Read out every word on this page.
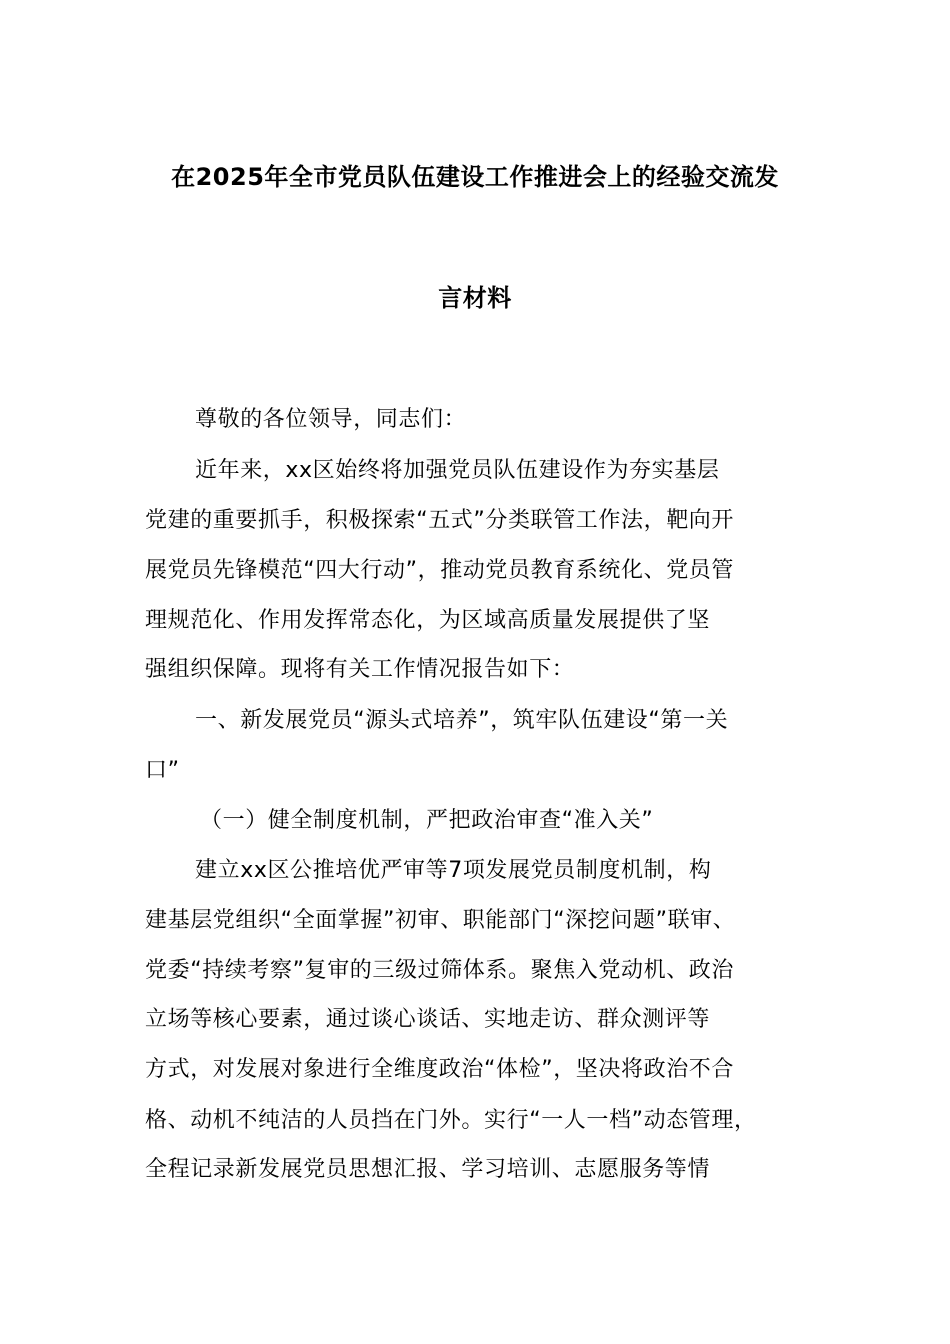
在2025年全市党员队伍建设工作推进会上的经验交流发
言材料
尊敬的各位领导，同志们：
近年来，xx区始终将加强党员队伍建设作为夯实基层
党建的重要抓手，积极探索“五式”分类联管工作法，靶向开
展党员先锋模范“四大行动”，推动党员教育系统化、党员管
理规范化、作用发挥常态化，为区域高质量发展提供了坚
强组织保障。现将有关工作情况报告如下：
一、新发展党员“源头式培养”，筑牢队伍建设“第一关
口”
（一）健全制度机制，严把政治审查“准入关”
建立xx区公推培优严审等7项发展党员制度机制，构
建基层党组织“全面掌握”初审、职能部门“深挖问题”联审、
党委“持续考察”复审的三级过筛体系。聚焦入党动机、政治
立场等核心要素，通过谈心谈话、实地走访、群众测评等
方式，对发展对象进行全维度政治“体检”，坚决将政治不合
格、动机不纯洁的人员挡在门外。实行“一人一档”动态管理，
全程记录新发展党员思想汇报、学习培训、志愿服务等情
